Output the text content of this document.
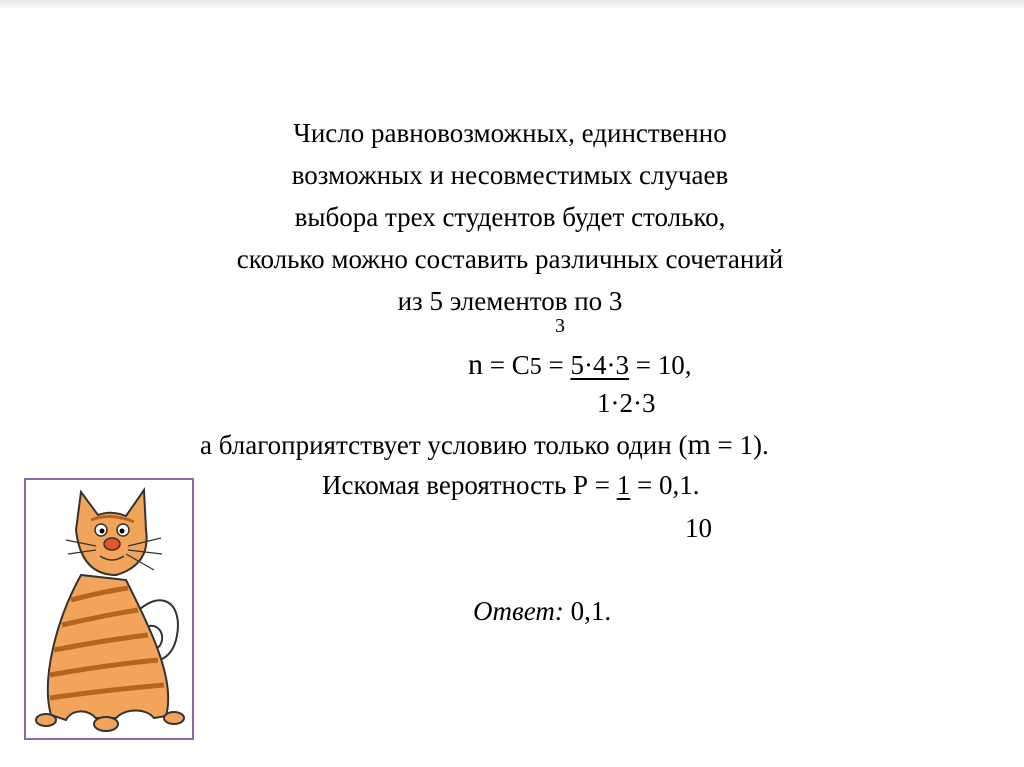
Число равновозможных, единственно
возможных и несовместимых случаев
выбора трех студентов будет столько,
сколько можно составить различных сочетаний
из 5 элементов по 3
3
n = C5 = 5·4·3 = 10,
1·2·3
а благоприятствует условию только один (m = 1).
Искомая вероятность Р = 1 = 0,1.
10
Ответ: 0,1.
